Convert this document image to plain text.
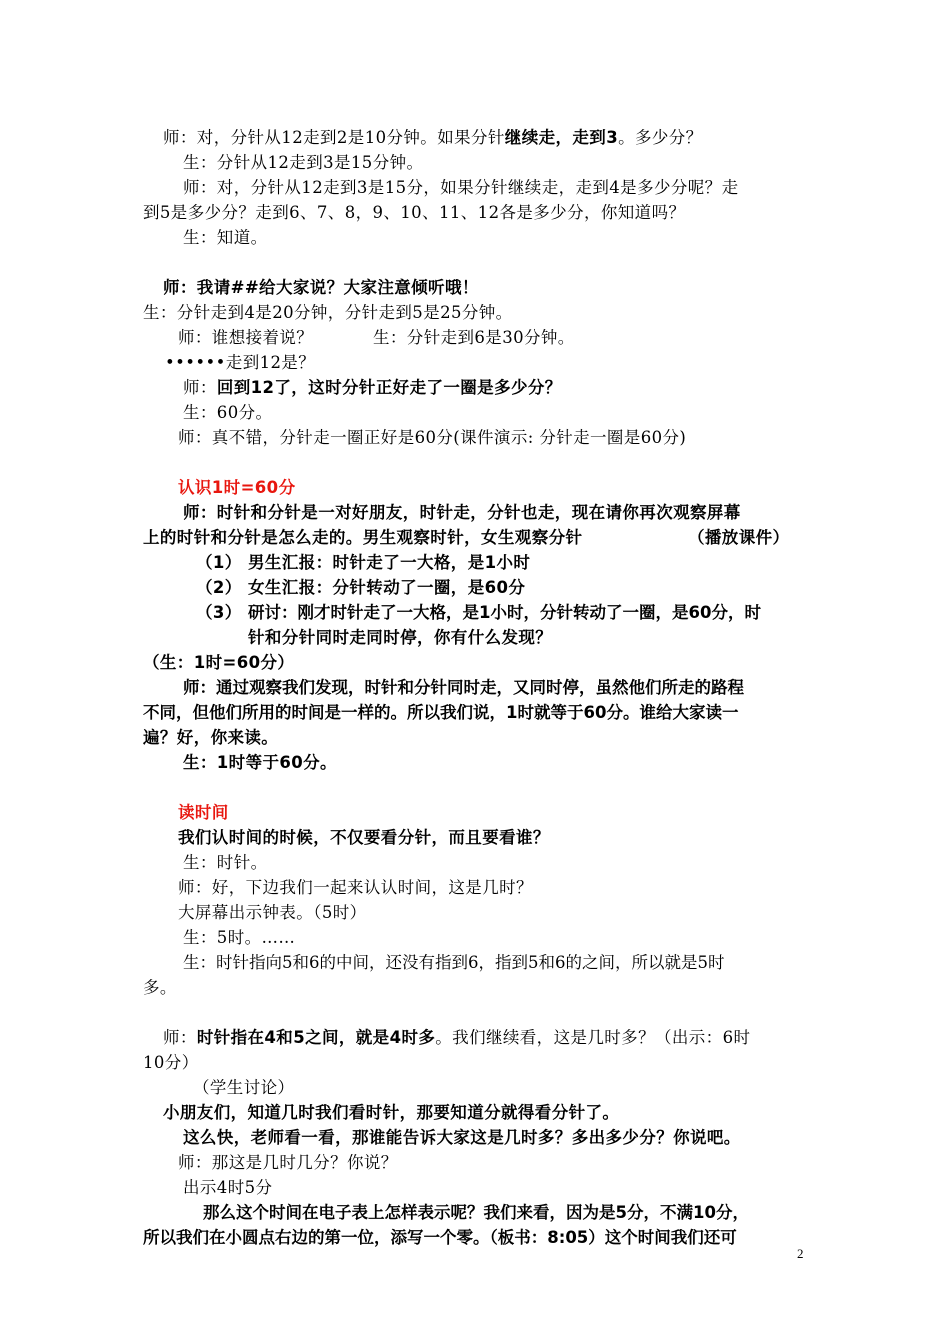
师：对，分针从12走到2是10分钟。如果分针继续走，走到3。多少分？
生：分针从12走到3是15分钟。
师：对，分针从12走到3是15分，如果分针继续走，走到4是多少分呢？走
到5是多少分？走到6、7、8，9、10、11、12各是多少分，你知道吗？
生：知道。
师：我请##给大家说？大家注意倾听哦！
生：分针走到4是20分钟，分针走到5是25分钟。
师：谁想接着说？	生：分针走到6是30分钟。
••••••走到12是？
师：回到12了，这时分针正好走了一圈是多少分？
生：60分。
师：真不错，分针走一圈正好是60分(课件演示: 分针走一圈是60分)
认识1时=60分
师：时针和分针是一对好朋友，时针走，分针也走，现在请你再次观察屏幕
上的时针和分针是怎么走的。男生观察时针，女生观察分针	（播放课件）
（1） 男生汇报：时针走了一大格，是1小时
（2） 女生汇报：分针转动了一圈，是60分
（3） 研讨：刚才时针走了一大格，是1小时，分针转动了一圈，是60分，时
针和分针同时走同时停，你有什么发现？
（生：1时=60分）
师：通过观察我们发现，时针和分针同时走，又同时停，虽然他们所走的路程
不同，但他们所用的时间是一样的。所以我们说，1时就等于60分。谁给大家读一
遍？好，你来读。
生：1时等于60分。
读时间
我们认时间的时候，不仅要看分针，而且要看谁？
生：时针。
师：好，下边我们一起来认认时间，这是几时？
大屏幕出示钟表。（5时）
生：5时。……
生：时针指向5和6的中间，还没有指到6，指到5和6的之间，所以就是5时
多。
师：时针指在4和5之间，就是4时多。我们继续看，这是几时多？（出示：6时
10分）
（学生讨论）
小朋友们，知道几时我们看时针，那要知道分就得看分针了。
这么快，老师看一看，那谁能告诉大家这是几时多？多出多少分？你说吧。
师：那这是几时几分？你说？
出示4时5分
那么这个时间在电子表上怎样表示呢？我们来看，因为是5分，不满10分，
所以我们在小圆点右边的第一位，添写一个零。（板书：8:05）这个时间我们还可
2
